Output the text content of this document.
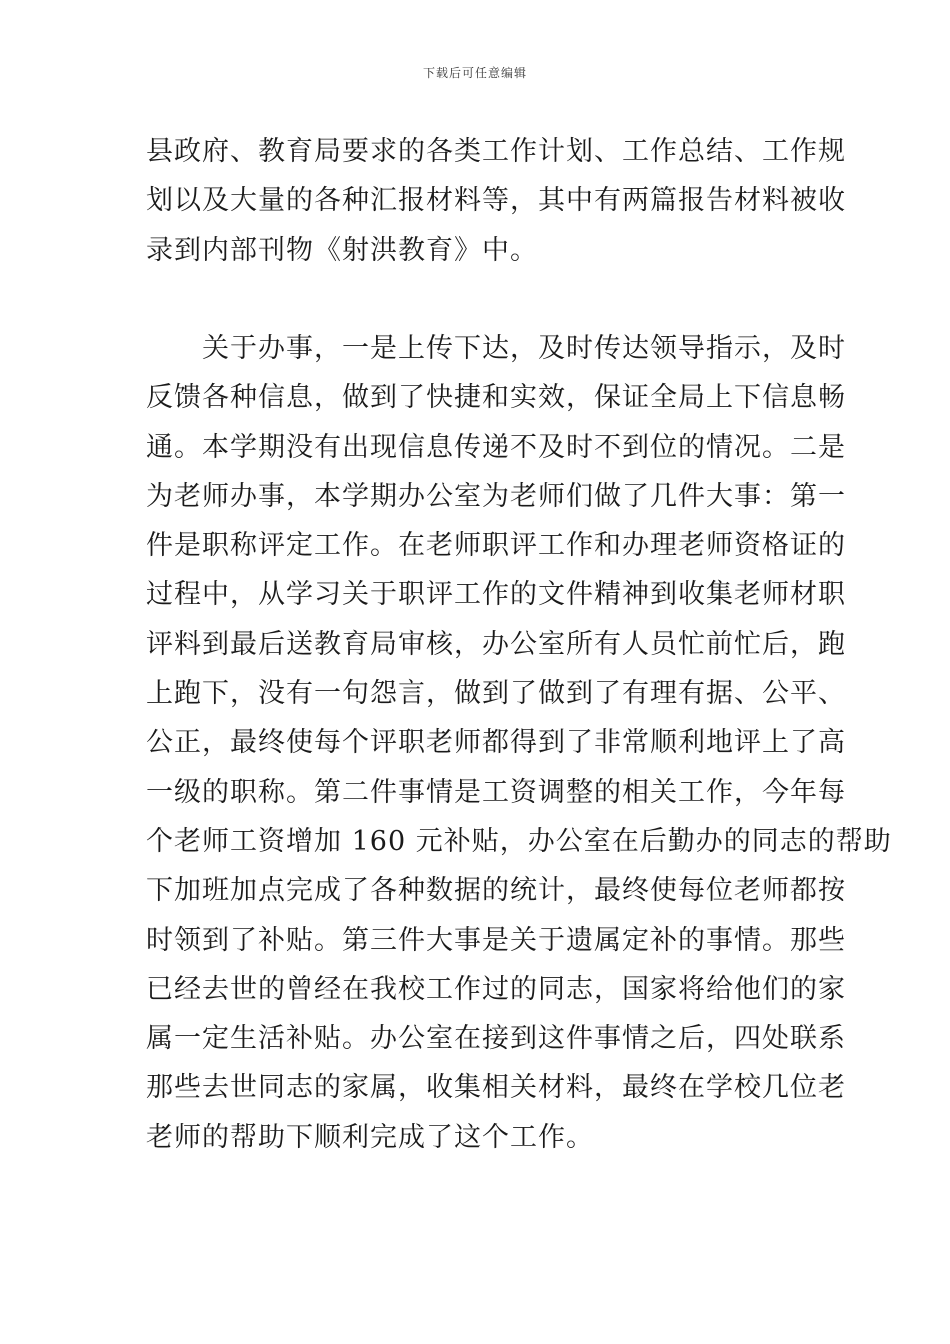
下载后可任意编辑

县政府、教育局要求的各类工作计划、工作总结、工作规
划以及大量的各种汇报材料等，其中有两篇报告材料被收
录到内部刊物《射洪教育》中。

　　关于办事，一是上传下达，及时传达领导指示，及时
反馈各种信息，做到了快捷和实效，保证全局上下信息畅
通。本学期没有出现信息传递不及时不到位的情况。二是
为老师办事，本学期办公室为老师们做了几件大事：第一
件是职称评定工作。在老师职评工作和办理老师资格证的
过程中，从学习关于职评工作的文件精神到收集老师材职
评料到最后送教育局审核，办公室所有人员忙前忙后，跑
上跑下，没有一句怨言，做到了做到了有理有据、公平、
公正，最终使每个评职老师都得到了非常顺利地评上了高
一级的职称。第二件事情是工资调整的相关工作，今年每
个老师工资增加 160 元补贴，办公室在后勤办的同志的帮助
下加班加点完成了各种数据的统计，最终使每位老师都按
时领到了补贴。第三件大事是关于遗属定补的事情。那些
已经去世的曾经在我校工作过的同志，国家将给他们的家
属一定生活补贴。办公室在接到这件事情之后，四处联系
那些去世同志的家属，收集相关材料，最终在学校几位老
老师的帮助下顺利完成了这个工作。
